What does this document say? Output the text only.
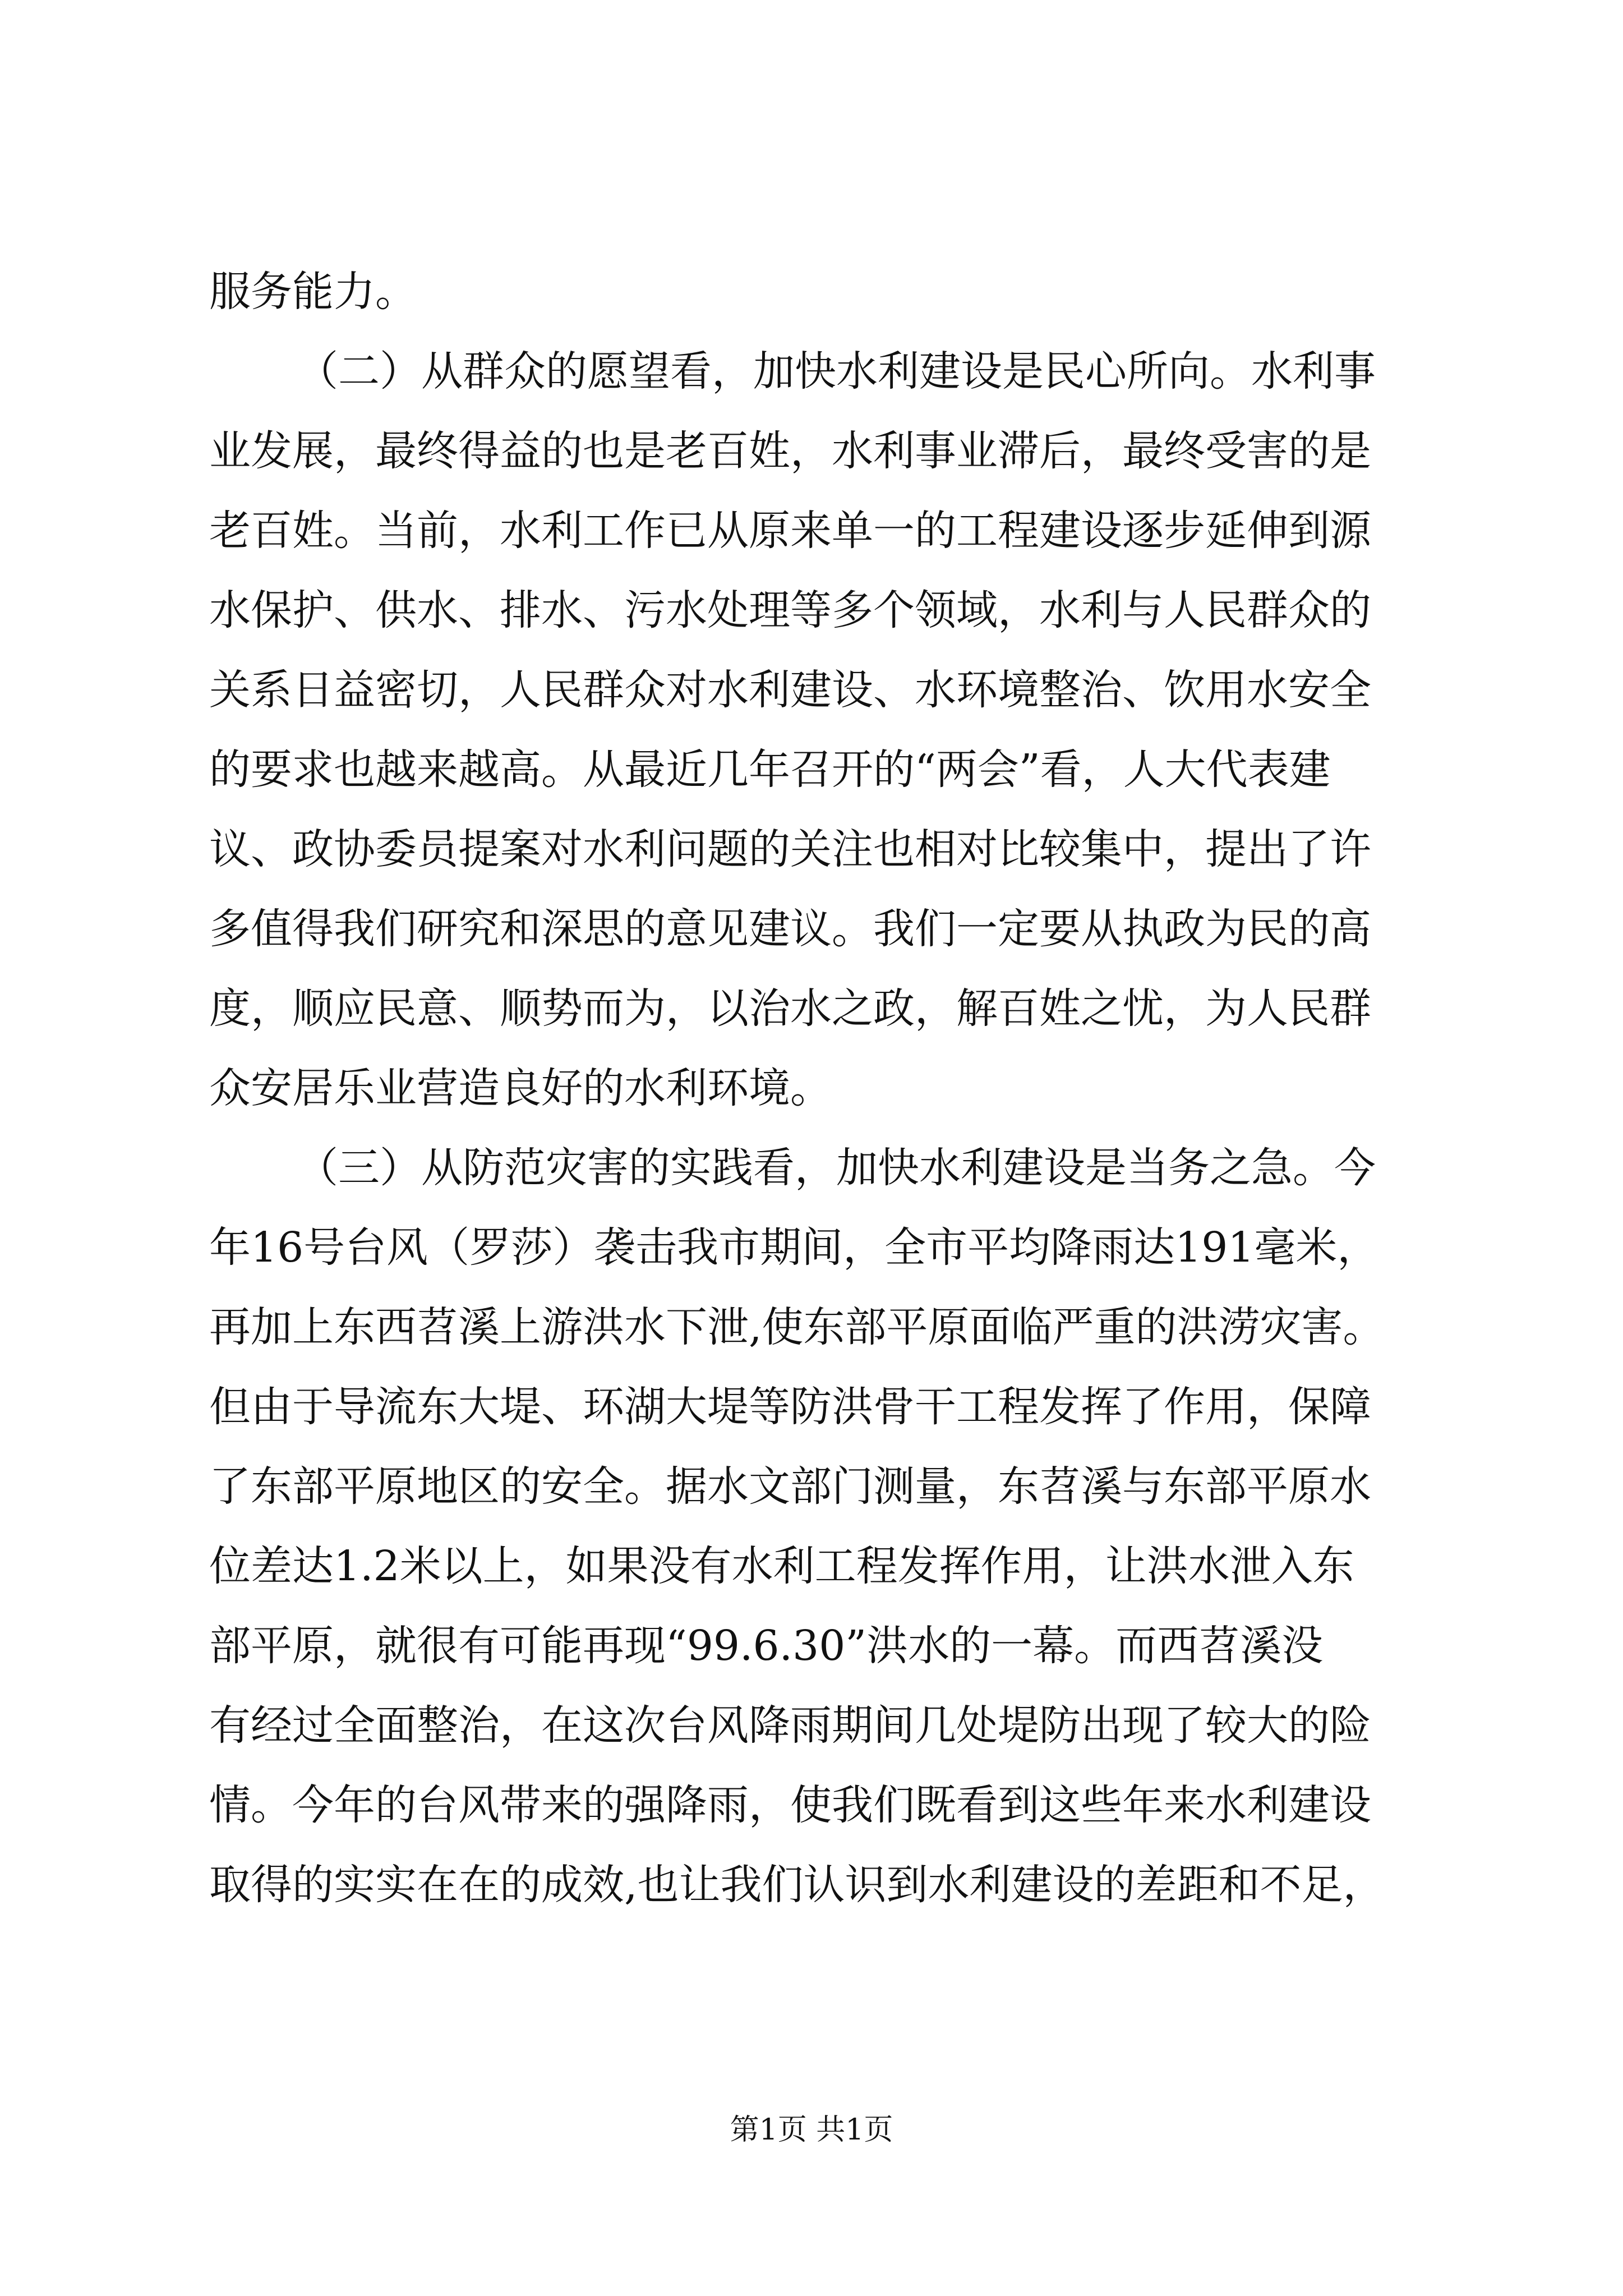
服务能力。
（二）从群众的愿望看，加快水利建设是民心所向。水利事
业发展，最终得益的也是老百姓，水利事业滞后，最终受害的是
老百姓。当前，水利工作已从原来单一的工程建设逐步延伸到源
水保护、供水、排水、污水处理等多个领域，水利与人民群众的
关系日益密切，人民群众对水利建设、水环境整治、饮用水安全
的要求也越来越高。从最近几年召开的“两会”看，人大代表建
议、政协委员提案对水利问题的关注也相对比较集中，提出了许
多值得我们研究和深思的意见建议。我们一定要从执政为民的高
度，顺应民意、顺势而为，以治水之政，解百姓之忧，为人民群
众安居乐业营造良好的水利环境。
（三）从防范灾害的实践看，加快水利建设是当务之急。今
年16号台风（罗莎）袭击我市期间，全市平均降雨达191毫米，
再加上东西苕溪上游洪水下泄,使东部平原面临严重的洪涝灾害。
但由于导流东大堤、环湖大堤等防洪骨干工程发挥了作用，保障
了东部平原地区的安全。据水文部门测量，东苕溪与东部平原水
位差达1.2米以上，如果没有水利工程发挥作用，让洪水泄入东
部平原，就很有可能再现“99.6.30”洪水的一幕。而西苕溪没
有经过全面整治，在这次台风降雨期间几处堤防出现了较大的险
情。今年的台风带来的强降雨，使我们既看到这些年来水利建设
取得的实实在在的成效,也让我们认识到水利建设的差距和不足，
第1页 共1页
